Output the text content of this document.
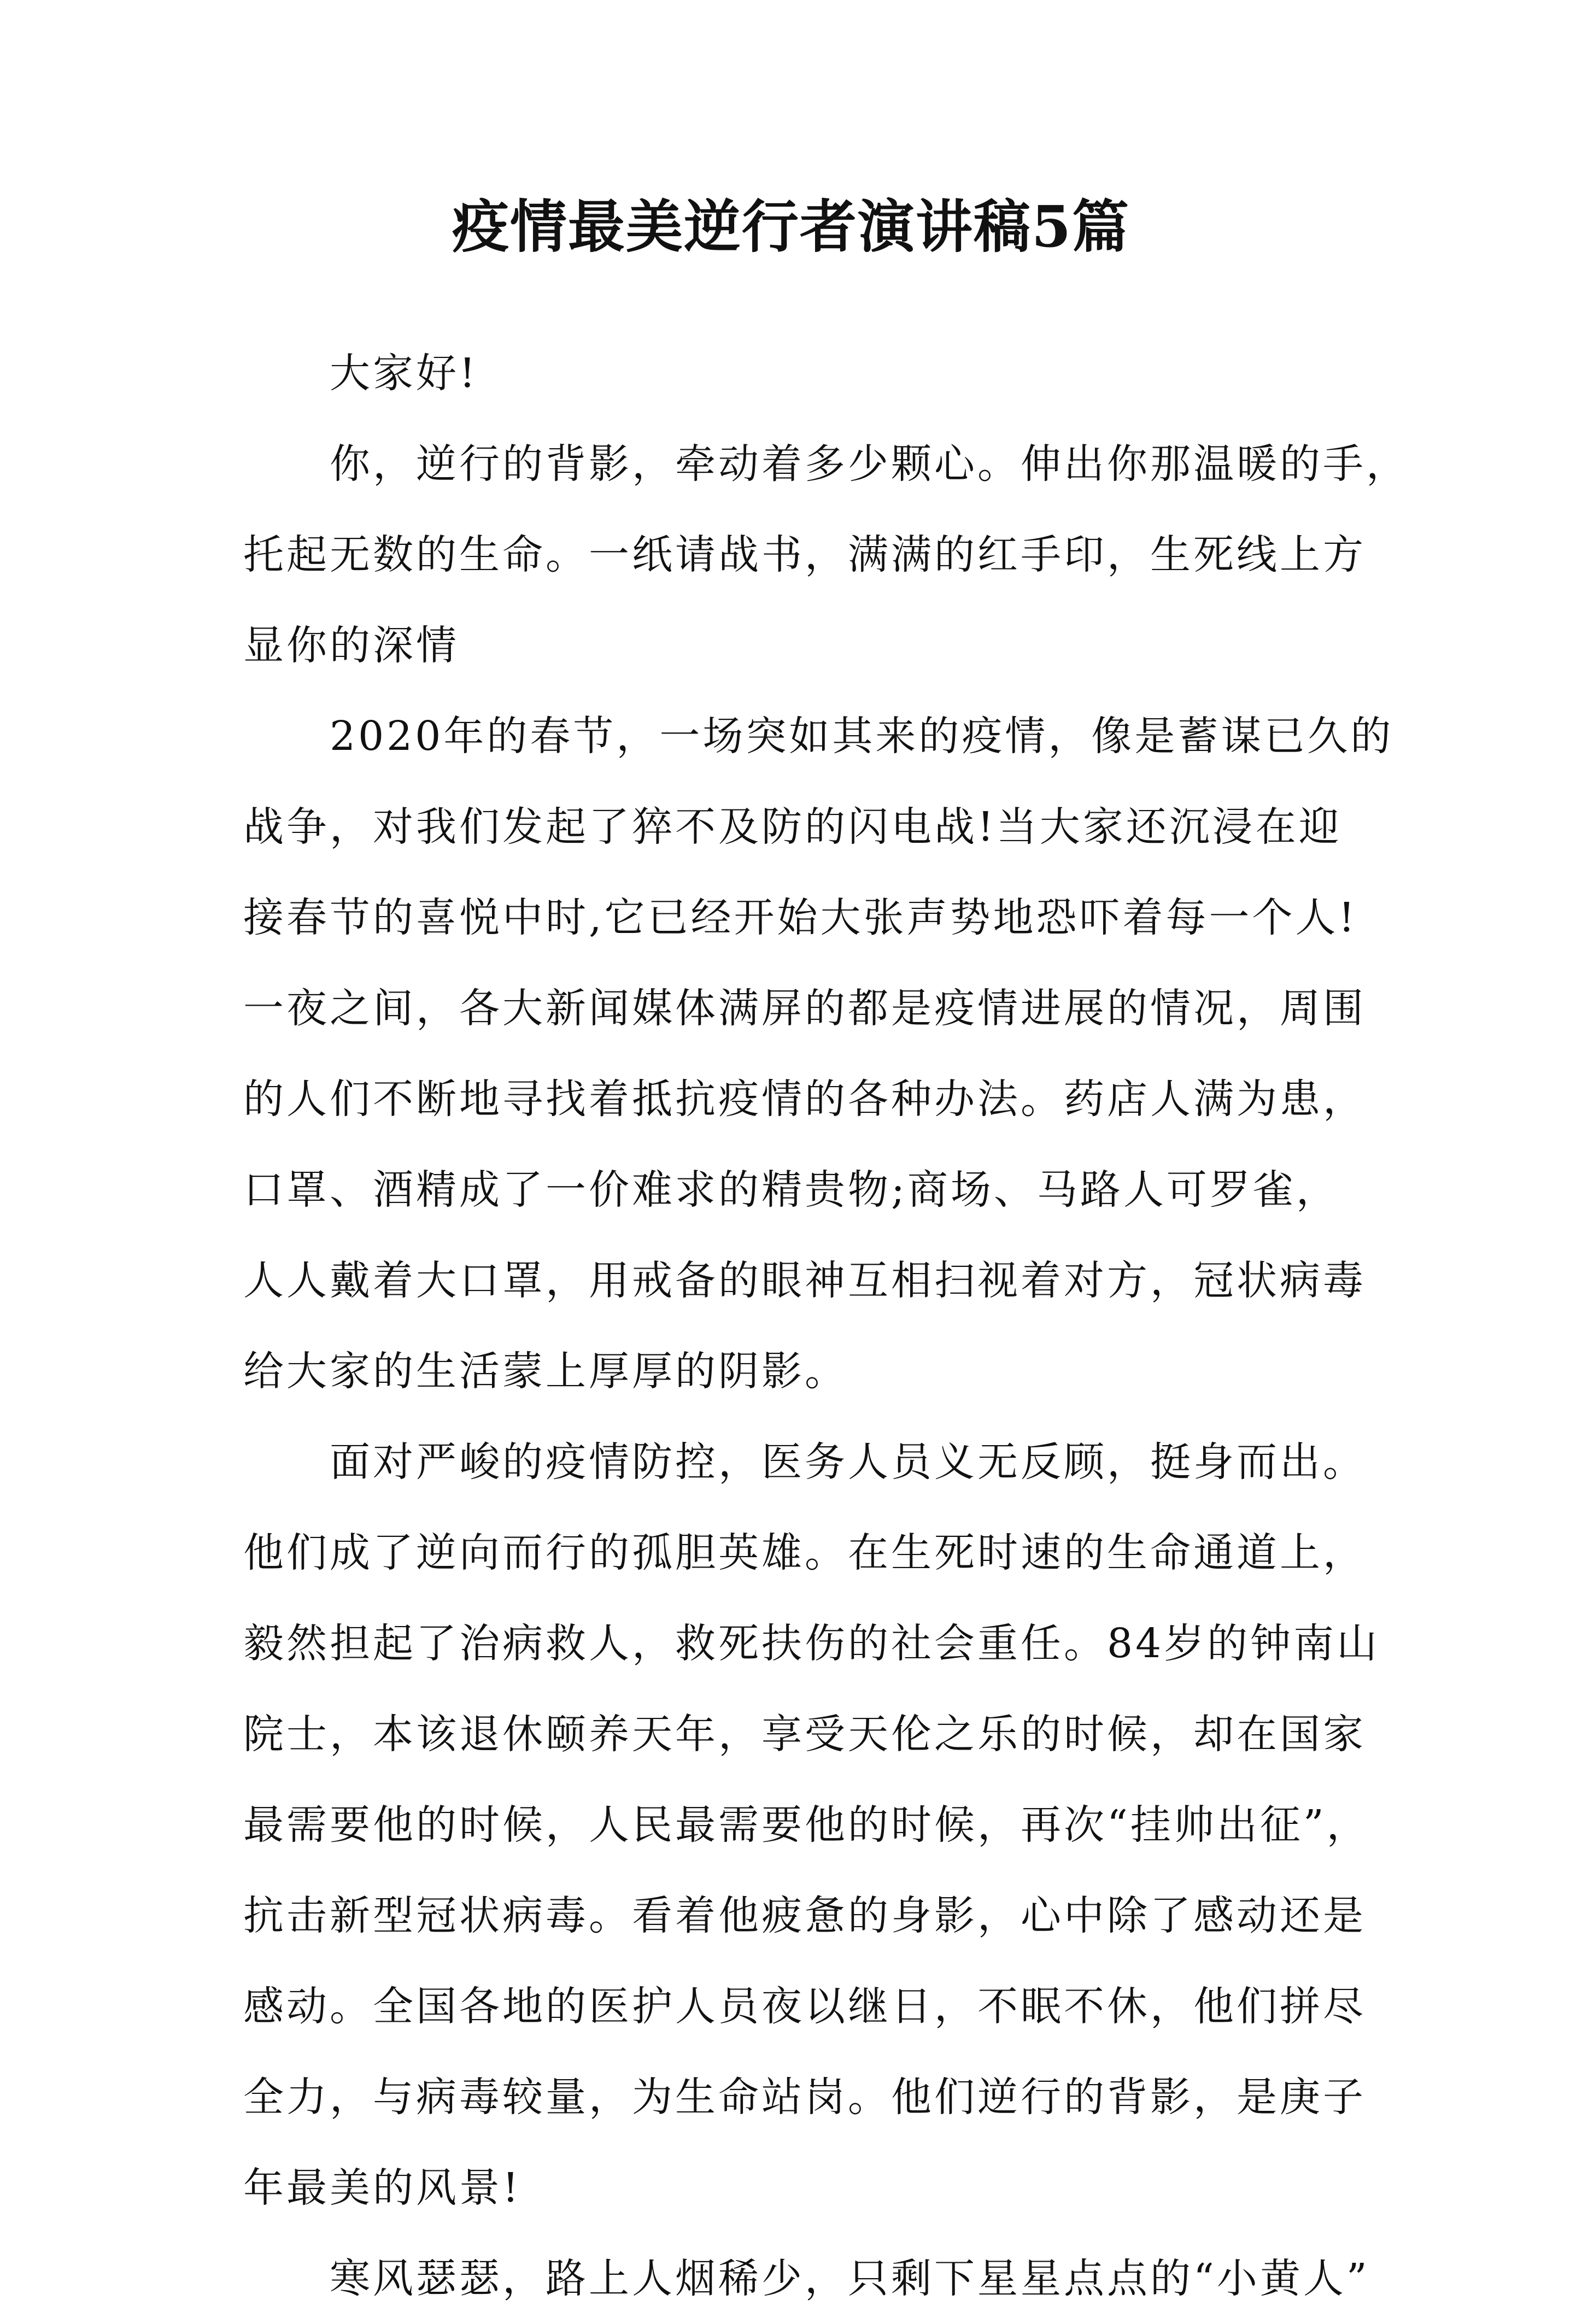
疫情最美逆行者演讲稿5篇
大家好!
你，逆行的背影，牵动着多少颗心。伸出你那温暖的手，
托起无数的生命。一纸请战书，满满的红手印，生死线上方
显你的深情
2020年的春节，一场突如其来的疫情，像是蓄谋已久的
战争，对我们发起了猝不及防的闪电战!当大家还沉浸在迎
接春节的喜悦中时,它已经开始大张声势地恐吓着每一个人!
一夜之间，各大新闻媒体满屏的都是疫情进展的情况，周围
的人们不断地寻找着抵抗疫情的各种办法。药店人满为患，
口罩、酒精成了一价难求的精贵物;商场、马路人可罗雀，
人人戴着大口罩，用戒备的眼神互相扫视着对方，冠状病毒
给大家的生活蒙上厚厚的阴影。
面对严峻的疫情防控，医务人员义无反顾，挺身而出。
他们成了逆向而行的孤胆英雄。在生死时速的生命通道上，
毅然担起了治病救人，救死扶伤的社会重任。84岁的钟南山
院士，本该退休颐养天年，享受天伦之乐的时候，却在国家
最需要他的时候，人民最需要他的时候，再次“挂帅出征”，
抗击新型冠状病毒。看着他疲惫的身影，心中除了感动还是
感动。全国各地的医护人员夜以继日，不眠不休，他们拼尽
全力，与病毒较量，为生命站岗。他们逆行的背影，是庚子
年最美的风景!
寒风瑟瑟，路上人烟稀少，只剩下星星点点的“小黄人”
